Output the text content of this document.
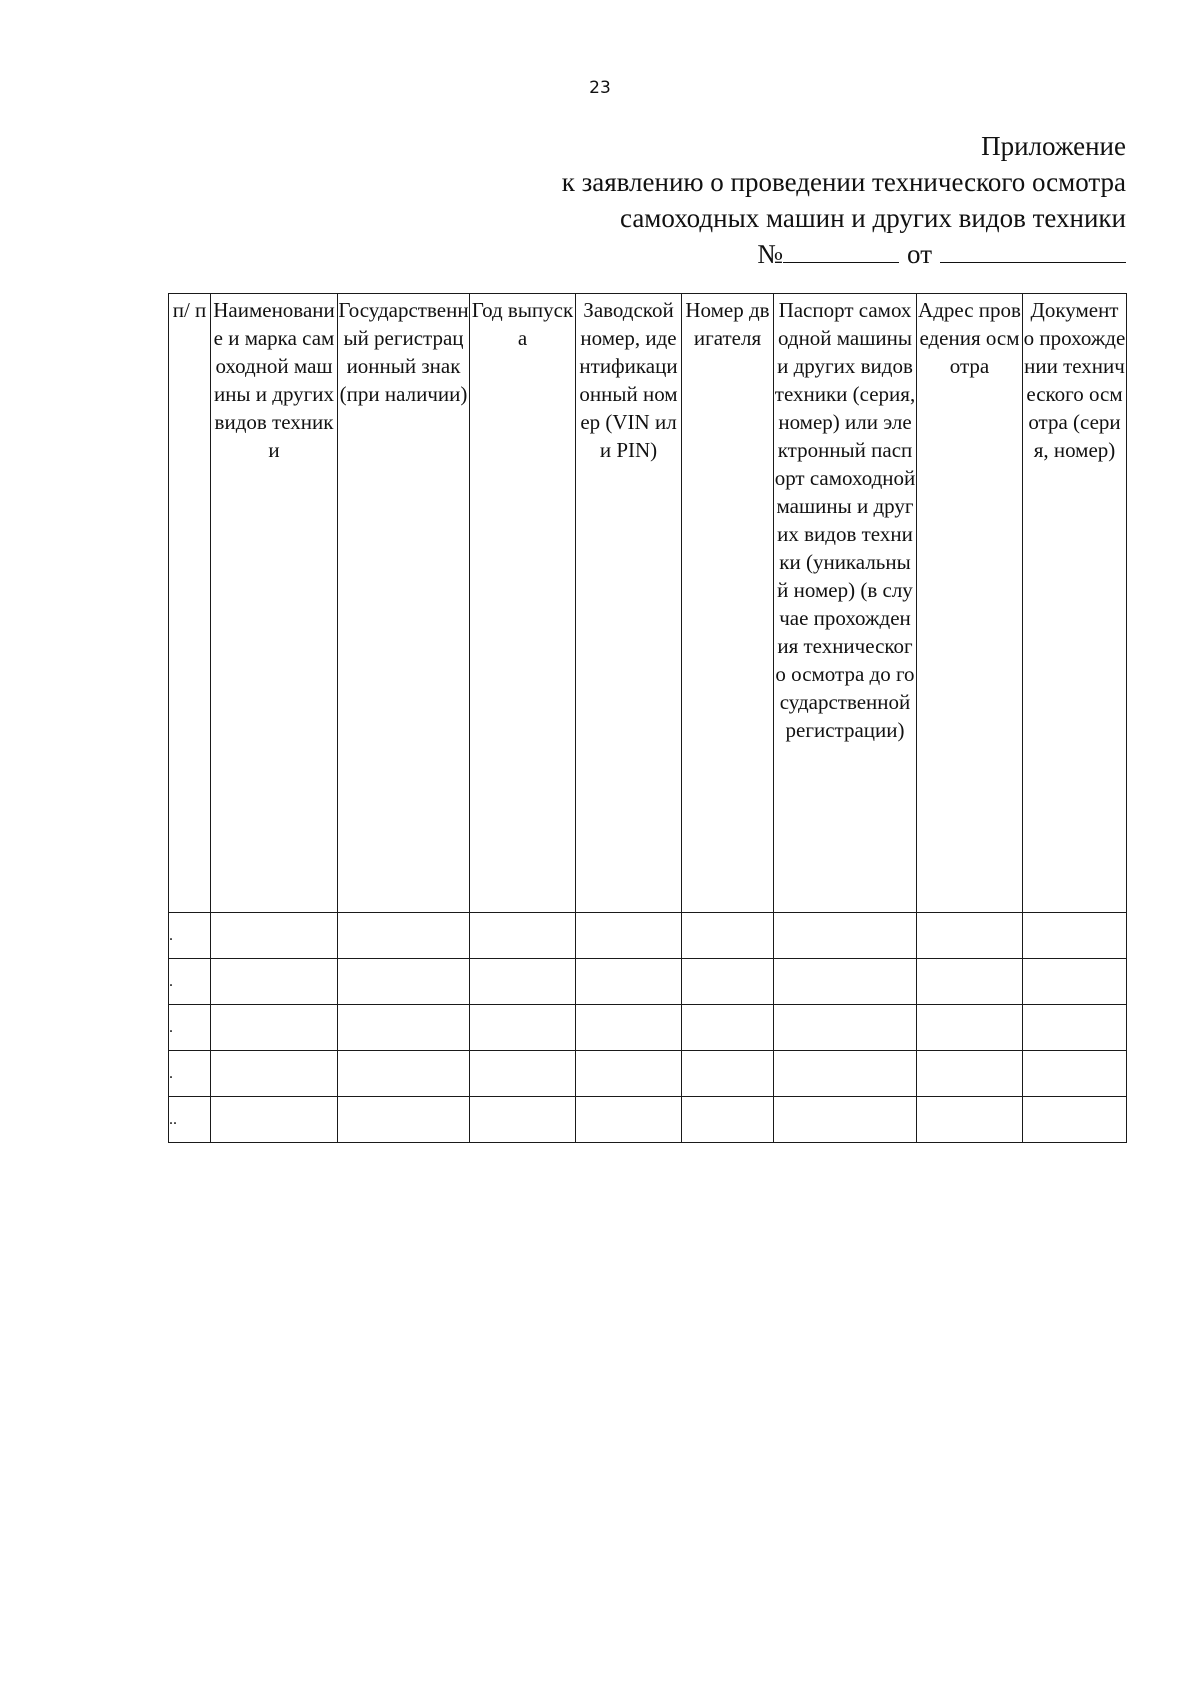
23
Приложение
к заявлению о проведении технического осмотра
самоходных машин и других видов техники
№	от
п/ п	Наименование и марка самоходной машины и других видов техники	Государственный регистрационный знак (при наличии)	Год выпуска	Заводской номер, идентификационный номер (VIN или PIN)	Номер двигателя	Паспорт самоходной машины и других видов техники (серия, номер) или электронный паспорт самоходной машины и других видов техники (уникальный номер) (в случае прохождения технического осмотра до государственной регистрации)	Адрес проведения осмотра	Документ о прохождении технического осмотра (серия, номер)
.								
.								
.								
.								
..								
